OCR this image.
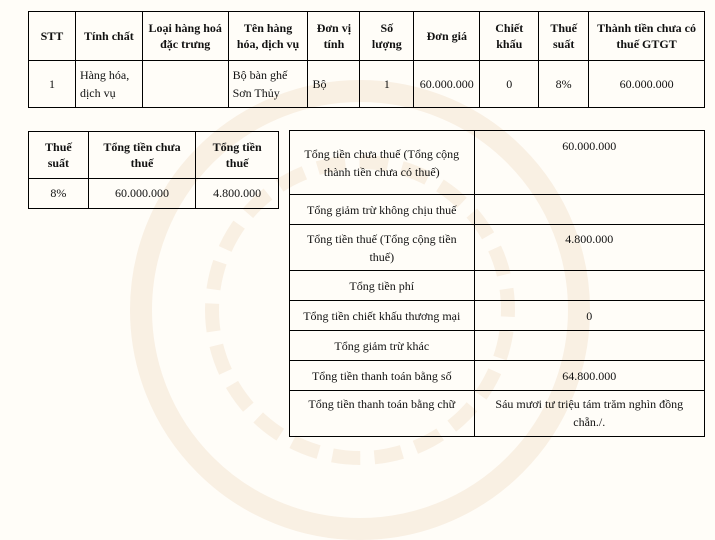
STT	Tính chất	Loại hàng hoá đặc trưng	Tên hàng hóa, dịch vụ	Đơn vị tính	Số lượng	Đơn giá	Chiết khấu	Thuế suất	Thành tiền chưa có thuế GTGT
1	Hàng hóa, dịch vụ		Bộ bàn ghế Sơn Thủy	Bộ	1	60.000.000	0	8%	60.000.000
Thuế suất	Tổng tiền chưa thuế	Tổng tiền thuế
8%	60.000.000	4.800.000
Tổng tiền chưa thuế (Tổng cộng thành tiền chưa có thuế)	60.000.000
Tổng giảm trừ không chịu thuế	
Tổng tiền thuế (Tổng cộng tiền thuế)	4.800.000
Tổng tiền phí	
Tổng tiền chiết khấu thương mại	0
Tổng giảm trừ khác	
Tổng tiền thanh toán bằng số	64.800.000
Tổng tiền thanh toán bằng chữ	Sáu mươi tư triệu tám trăm nghìn đồng chẵn./.
